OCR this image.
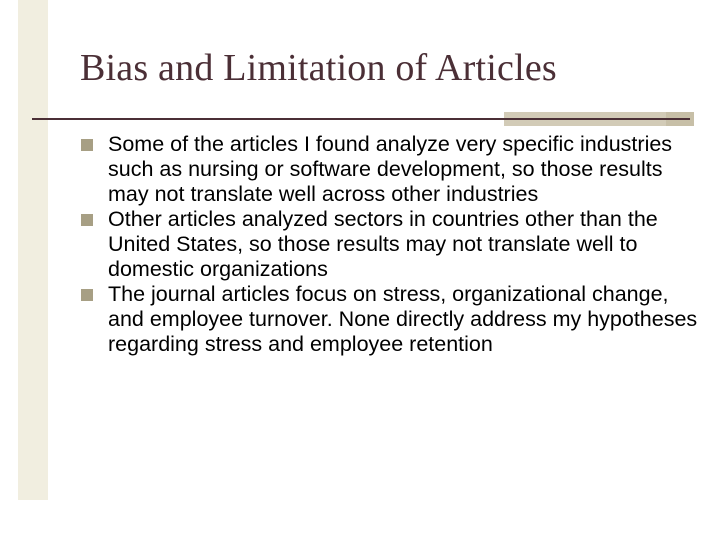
Bias and Limitation of Articles
Some of the articles I found analyze very specific industries such as nursing or software development, so those results may not translate well across other industries
Other articles analyzed sectors in countries other than the United States, so those results may not translate well to domestic organizations
The journal articles focus on stress, organizational change, and employee turnover. None directly address my hypotheses regarding stress and employee retention
